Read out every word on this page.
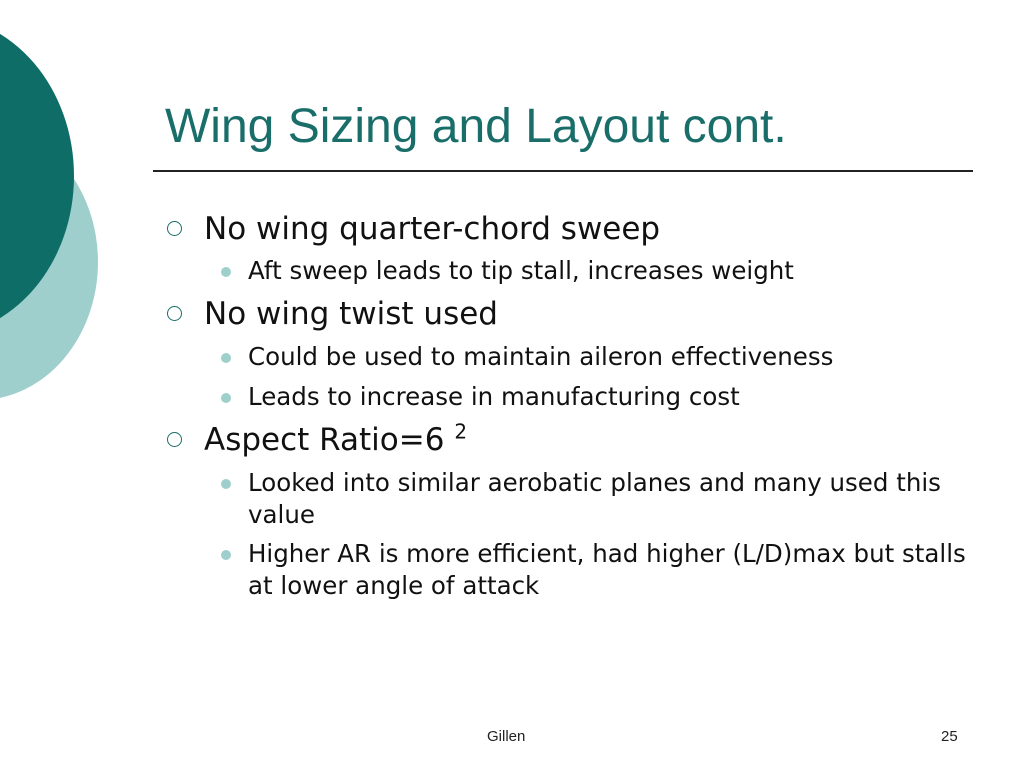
Wing Sizing and Layout cont.
No wing quarter-chord sweep
Aft sweep leads to tip stall, increases weight
No wing twist used
Could be used to maintain aileron effectiveness
Leads to increase in manufacturing cost
Aspect Ratio=6 $^2$
Looked into similar aerobatic planes and many used this value
Higher AR is more efficient, had higher (L/D)max but stalls at lower angle of attack
Gillen	25
